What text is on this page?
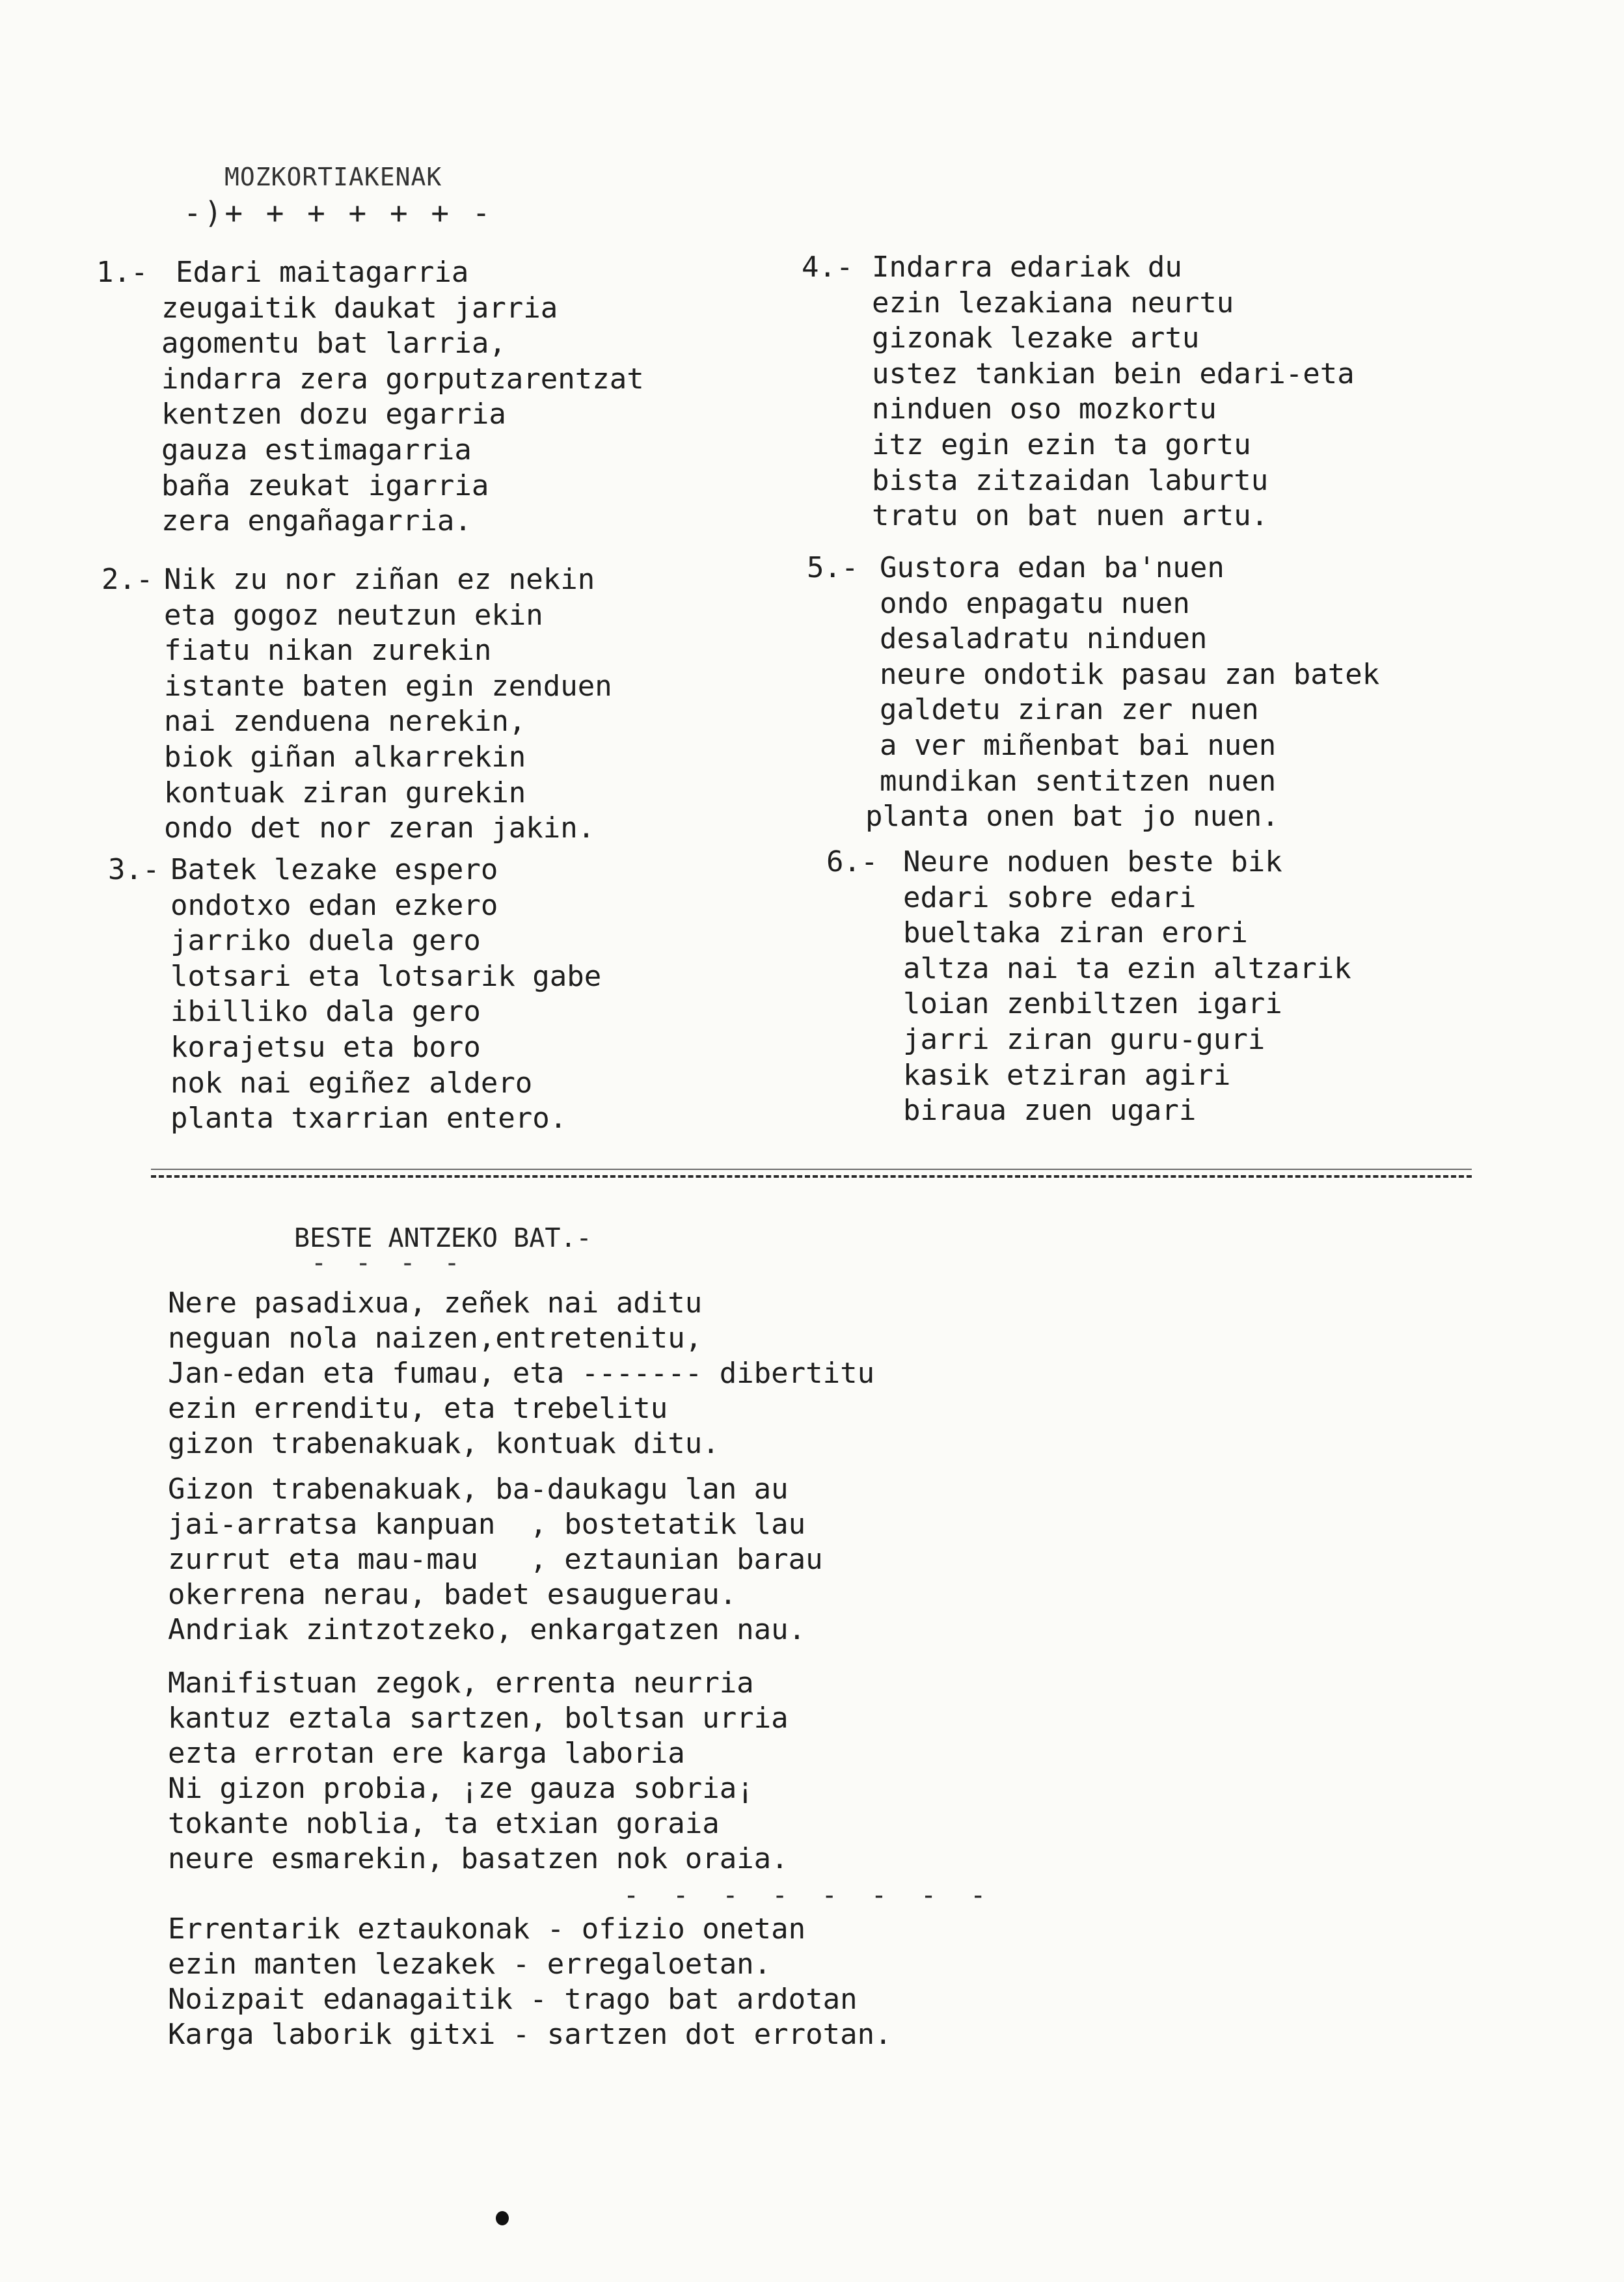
MOZKORTIAKENAK
-)+ + + + + + -
1.- Edari maitagarria
zeugaitik daukat jarria
agomentu bat larria,
indarra zera gorputzarentzat
kentzen dozu egarria
gauza estimagarria
baña zeukat igarria
zera engañagarria.
2.- Nik zu nor ziñan ez nekin
eta gogoz neutzun ekin
fiatu nikan zurekin
istante baten egin zenduen
nai zenduena nerekin,
biok giñan alkarrekin
kontuak ziran gurekin
ondo det nor zeran jakin.
3.- Batek lezake espero
ondotxo edan ezkero
jarriko duela gero
lotsari eta lotsarik gabe
ibilliko dala gero
korajetsu eta boro
nok nai egiñez aldero
planta txarrian entero.
4.- Indarra edariak du
ezin lezakiana neurtu
gizonak lezake artu
ustez tankian bein edari-eta
ninduen oso mozkortu
itz egin ezin ta gortu
bista zitzaidan laburtu
tratu on bat nuen artu.
5.- Gustora edan ba'nuen
ondo enpagatu nuen
desaladratu ninduen
neure ondotik pasau zan batek
galdetu ziran zer nuen
a ver miñenbat bai nuen
mundikan sentitzen nuen
planta onen bat jo nuen.
6.- Neure noduen beste bik
edari sobre edari
bueltaka ziran erori
altza nai ta ezin altzarik
loian zenbiltzen igari
jarri ziran guru-guri
kasik etziran agiri
biraua zuen ugari
BESTE ANTZEKO BAT.-
- - - -
Nere pasadixua, zeñek nai aditu
neguan nola naizen,entretenitu,
Jan-edan eta fumau, eta ------- dibertitu
ezin errenditu, eta trebelitu
gizon trabenakuak, kontuak ditu.
Gizon trabenakuak, ba-daukagu lan au
jai-arratsa kanpuan  , bostetatik lau
zurrut eta mau-mau   , eztaunian barau
okerrena nerau, badet esauguerau.
Andriak zintzotzeko, enkargatzen nau.
Manifistuan zegok, errenta neurria
kantuz eztala sartzen, boltsan urria
ezta errotan ere karga laboria
Ni gizon probia, ¡ze gauza sobria¡
tokante noblia, ta etxian goraia
neure esmarekin, basatzen nok oraia.
- - - - - - - -
Errentarik eztaukonak - ofizio onetan
ezin manten lezakek - erregaloetan.
Noizpait edanagaitik - trago bat ardotan
Karga laborik gitxi - sartzen dot errotan.
